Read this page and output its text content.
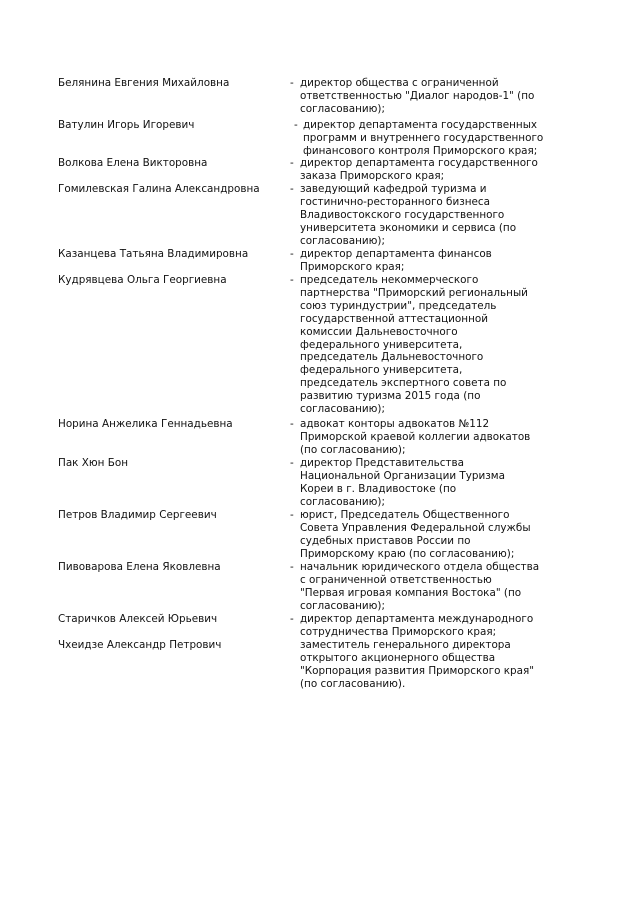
Белянина Евгения Михайловна	- директор общества с ограниченной
ответственностью "Диалог народов-1" (по
согласованию);
Ватулин Игорь Игоревич	- директор департамента государственных
программ и внутреннего государственного
финансового контроля Приморского края;
Волкова Елена Викторовна	- директор департамента государственного
заказа Приморского края;
Гомилевская Галина Александровна	- заведующий кафедрой туризма и
гостинично-ресторанного бизнеса
Владивостокского государственного
университета экономики и сервиса (по
согласованию);
Казанцева Татьяна Владимировна	- директор департамента финансов
Приморского края;
Кудрявцева Ольга Георгиевна	- председатель некоммерческого
партнерства "Приморский региональный
союз туриндустрии", председатель
государственной аттестационной
комиссии Дальневосточного
федерального университета,
председатель Дальневосточного
федерального университета,
председатель экспертного совета по
развитию туризма 2015 года (по
согласованию);
Норина Анжелика Геннадьевна	- адвокат конторы адвокатов №112
Приморской краевой коллегии адвокатов
(по согласованию);
Пак Хюн Бон	- директор Представительства
Национальной Организации Туризма
Кореи в г. Владивостоке (по
согласованию);
Петров Владимир Сергеевич	- юрист, Председатель Общественного
Совета Управления Федеральной службы
судебных приставов России по
Приморскому краю (по согласованию);
Пивоварова Елена Яковлевна	- начальник юридического отдела общества
с ограниченной ответственностью
"Первая игровая компания Востока" (по
согласованию);
Старичков Алексей Юрьевич	- директор департамента международного
сотрудничества Приморского края;
Чхеидзе Александр Петрович	заместитель генерального директора
открытого акционерного общества
"Корпорация развития Приморского края"
(по согласованию).
